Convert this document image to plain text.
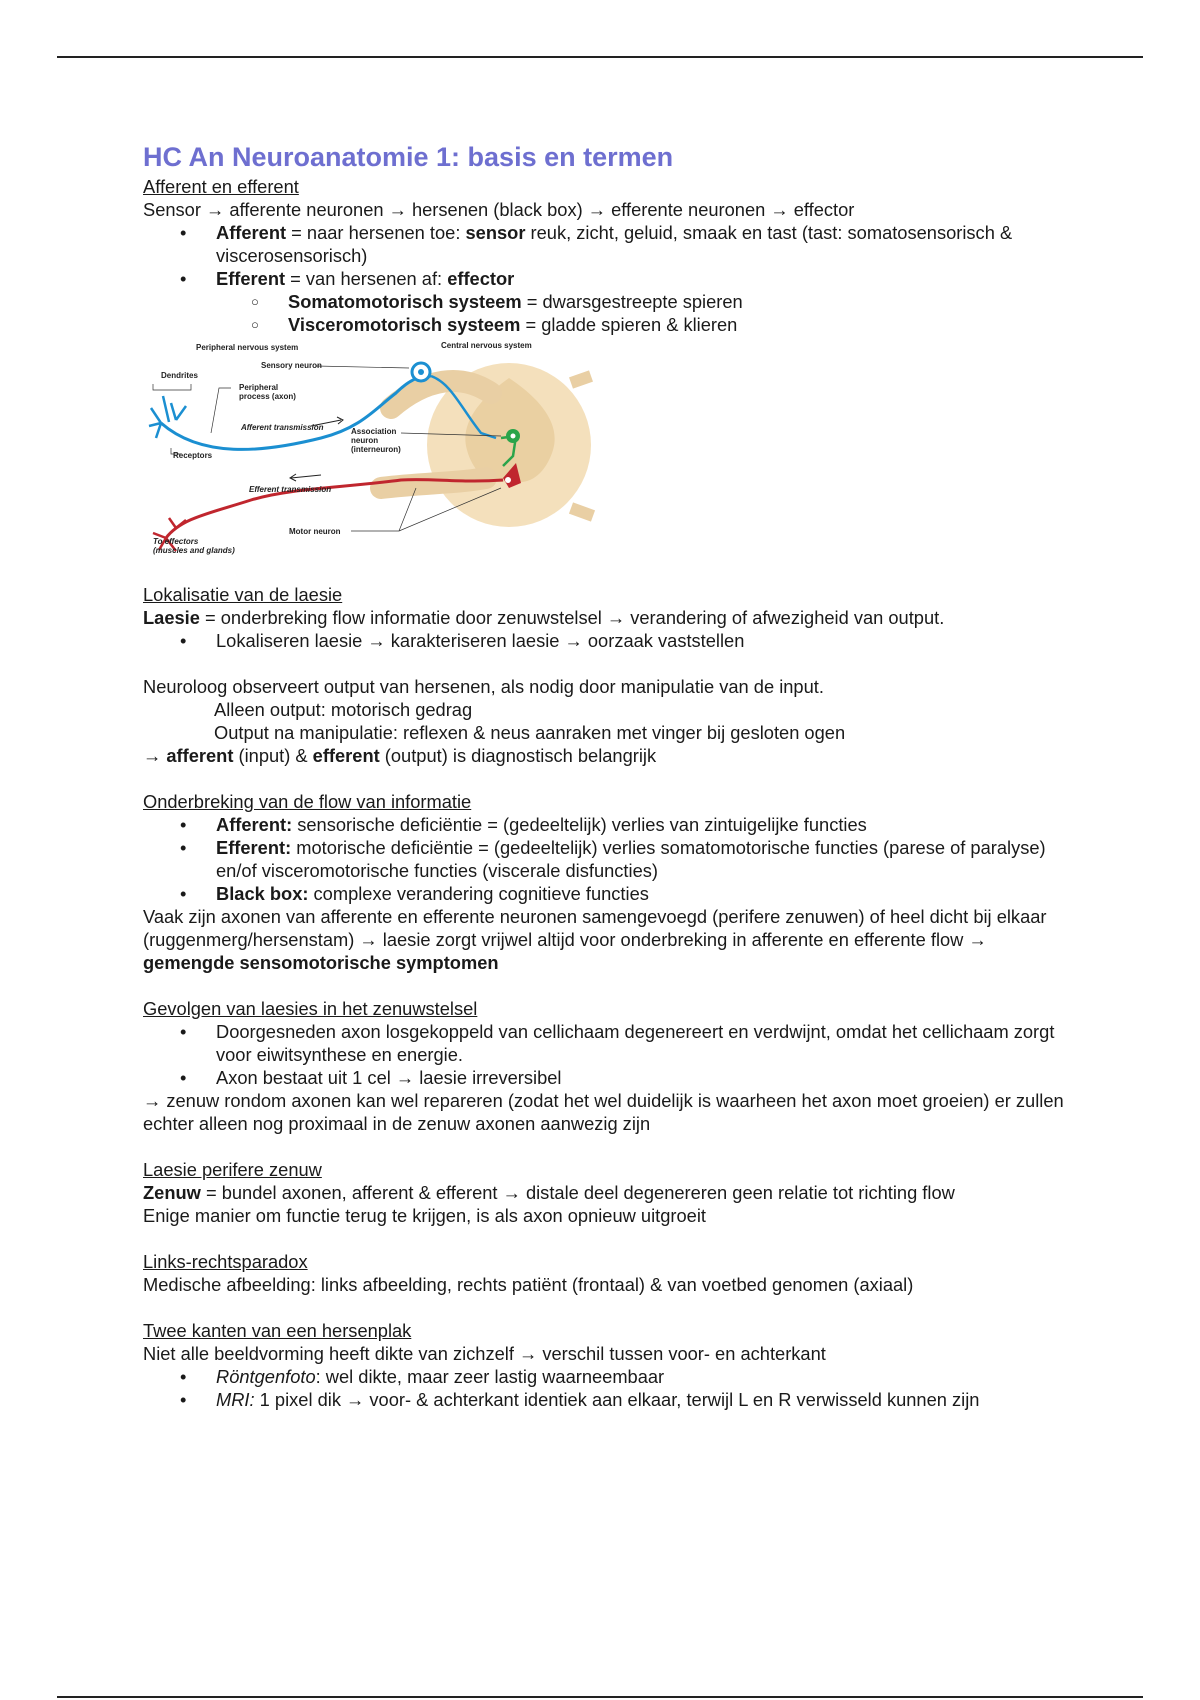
HC An Neuroanatomie 1: basis en termen
Afferent en efferent
Sensor → afferente neuronen → hersenen (black box) → efferente neuronen → effector
• Afferent = naar hersenen toe: sensor reuk, zicht, geluid, smaak en tast (tast: somatosensorisch & viscerosensorisch)
• Efferent = van hersenen af: effector
○ Somatomotorisch systeem = dwarsgestreepte spieren
○ Visceromotorisch systeem = gladde spieren & klieren
Peripheral nervous system	Central nervous system
Dendrites
Sensory neuron
Peripheral
process (axon)
Afferent transmission	Association
neuron
(interneuron)
Receptors
Efferent transmission
Motor neuron
To effectors
(muscles and glands)
Lokalisatie van de laesie
Laesie = onderbreking flow informatie door zenuwstelsel → verandering of afwezigheid van output.
• Lokaliseren laesie → karakteriseren laesie → oorzaak vaststellen
Neuroloog observeert output van hersenen, als nodig door manipulatie van de input.
Alleen output: motorisch gedrag
Output na manipulatie: reflexen & neus aanraken met vinger bij gesloten ogen
→ afferent (input) & efferent (output) is diagnostisch belangrijk
Onderbreking van de flow van informatie
• Afferent: sensorische deficiëntie = (gedeeltelijk) verlies van zintuigelijke functies
• Efferent: motorische deficiëntie = (gedeeltelijk) verlies somatomotorische functies (parese of paralyse) en/of visceromotorische functies (viscerale disfuncties)
• Black box: complexe verandering cognitieve functies
Vaak zijn axonen van afferente en efferente neuronen samengevoegd (perifere zenuwen) of heel dicht bij elkaar (ruggenmerg/hersenstam) → laesie zorgt vrijwel altijd voor onderbreking in afferente en efferente flow → gemengde sensomotorische symptomen
Gevolgen van laesies in het zenuwstelsel
• Doorgesneden axon losgekoppeld van cellichaam degenereert en verdwijnt, omdat het cellichaam zorgt voor eiwitsynthese en energie.
• Axon bestaat uit 1 cel → laesie irreversibel
→ zenuw rondom axonen kan wel repareren (zodat het wel duidelijk is waarheen het axon moet groeien) er zullen echter alleen nog proximaal in de zenuw axonen aanwezig zijn
Laesie perifere zenuw
Zenuw = bundel axonen, afferent & efferent → distale deel degenereren geen relatie tot richting flow
Enige manier om functie terug te krijgen, is als axon opnieuw uitgroeit
Links-rechtsparadox
Medische afbeelding: links afbeelding, rechts patiënt (frontaal) & van voetbed genomen (axiaal)
Twee kanten van een hersenplak
Niet alle beeldvorming heeft dikte van zichzelf → verschil tussen voor- en achterkant
• Röntgenfoto: wel dikte, maar zeer lastig waarneembaar
• MRI: 1 pixel dik → voor- & achterkant identiek aan elkaar, terwijl L en R verwisseld kunnen zijn
